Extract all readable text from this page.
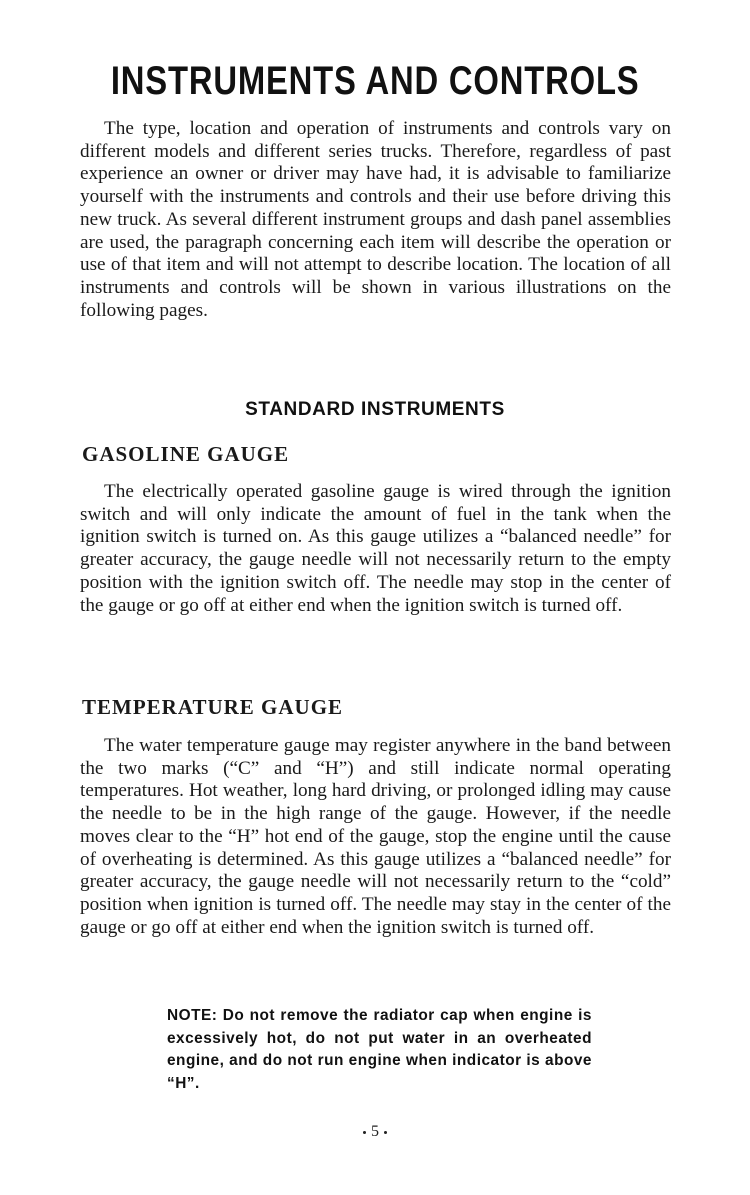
INSTRUMENTS AND CONTROLS

The type, location and operation of instruments and controls vary on different models and different series trucks. Therefore, regardless of past experience an owner or driver may have had, it is advisable to familiarize yourself with the instruments and controls and their use before driving this new truck. As several different instrument groups and dash panel assemblies are used, the paragraph concerning each item will describe the operation or use of that item and will not attempt to describe location. The location of all instruments and controls will be shown in various illustrations on the following pages.

STANDARD INSTRUMENTS
GASOLINE GAUGE

The electrically operated gasoline gauge is wired through the ignition switch and will only indicate the amount of fuel in the tank when the ignition switch is turned on. As this gauge utilizes a “balanced needle” for greater accuracy, the gauge needle will not necessarily return to the empty position with the ignition switch off. The needle may stop in the center of the gauge or go off at either end when the ignition switch is turned off.

TEMPERATURE GAUGE

The water temperature gauge may register anywhere in the band between the two marks (“C” and “H”) and still indicate normal operating temperatures. Hot weather, long hard driving, or prolonged idling may cause the needle to be in the high range of the gauge. However, if the needle moves clear to the “H” hot end of the gauge, stop the engine until the cause of overheating is determined. As this gauge utilizes a “balanced needle” for greater accuracy, the gauge needle will not necessarily return to the “cold” position when ignition is turned off. The needle may stay in the center of the gauge or go off at either end when the ignition switch is turned off.

NOTE: Do not remove the radiator cap when engine is excessively hot, do not put water in an overheated engine, and do not run engine when indicator is above “H”.

5
